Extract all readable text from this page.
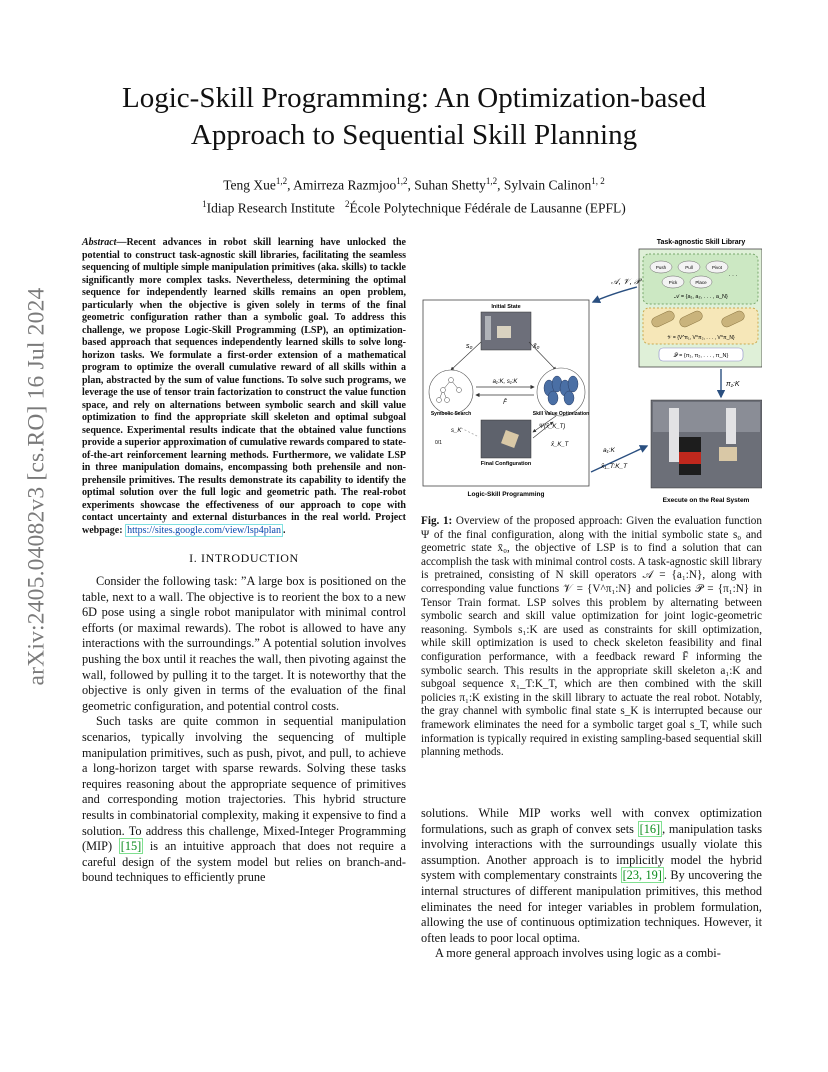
arXiv:2405.04082v3 [cs.RO] 16 Jul 2024
Logic-Skill Programming: An Optimization-based
Approach to Sequential Skill Planning
Teng Xue$^{1,2}$, Amirreza Razmjoo$^{1,2}$, Suhan Shetty$^{1,2}$, Sylvain Calinon$^{1, 2}$
$^1$Idiap Research Institute $^2$École Polytechnique Fédérale de Lausanne (EPFL)

Abstract—Recent advances in robot skill learning have unlocked the potential to construct task-agnostic skill libraries, facilitating the seamless sequencing of multiple simple manipulation primitives (aka. skills) to tackle significantly more complex tasks. Nevertheless, determining the optimal sequence for independently learned skills remains an open problem, particularly when the objective is given solely in terms of the final geometric configuration rather than a symbolic goal. To address this challenge, we propose Logic-Skill Programming (LSP), an optimization-based approach that sequences independently learned skills to solve long-horizon tasks. We formulate a first-order extension of a mathematical program to optimize the overall cumulative reward of all skills within a plan, abstracted by the sum of value functions. To solve such programs, we leverage the use of tensor train factorization to construct the value function space, and rely on alternations between symbolic search and skill value optimization to find the appropriate skill skeleton and optimal subgoal sequence. Experimental results indicate that the obtained value functions provide a superior approximation of cumulative rewards compared to state-of-the-art reinforcement learning methods. Furthermore, we validate LSP in three manipulation domains, encompassing both prehensile and non-prehensile primitives. The results demonstrate its capability to identify the optimal solution over the full logic and geometric path. The real-robot experiments showcase the effectiveness of our approach to cope with contact uncertainty and external disturbances in the real world. Project webpage: https://sites.google.com/view/lsp4plan .

I. INTRODUCTION

Consider the following task: ”A large box is positioned on the table, next to a wall. The objective is to reorient the box to a new 6D pose using a single robot manipulator with minimal control efforts (or maximal rewards). The robot is allowed to have any interactions with the surroundings.” A potential solution involves pushing the box until it reaches the wall, then pivoting against the wall, followed by pulling it to the target. It is noteworthy that the objective is only given in terms of the evaluation of the final geometric configuration, and potential control costs.

Such tasks are quite common in sequential manipulation scenarios, typically involving the sequencing of multiple manipulation primitives, such as push, pivot, and pull, to achieve a long-horizon target with sparse rewards. Solving these tasks requires reasoning about the appropriate sequence of primitives and corresponding motion trajectories. This hybrid structure results in combinatorial complexity, making it expensive to find a solution. To address this challenge, Mixed-Integer Programming (MIP) [15] is an intuitive approach that does not require a careful design of the system model but relies on branch-and-bound techniques to efficiently prune

Task-agnostic Skill Library
Push	Pull	Pivot
Pick	Place
· · ·
𝒜 = {a₁, a₂, . . . , a_N}
𝒱 = {V^π₁, V^π₂, . . . , V^π_N}
𝒫 = {π₁, π₂, . . . , π_N}
𝒜, 𝒱, 𝒫
Initial State
s₀	x̄₀
Symbolic Search	Skill Value Optimization
a₁:K, s₁:K
F̄
Final Configuration
s_K
0/1
Ψ(x̄_K_T)
x̄_K_T
Logic-Skill Programming
π₁:K
a₁:K
x̄₁_T:K_T
Execute on the Real System

Fig. 1: Overview of the proposed approach: Given the evaluation function Ψ of the final configuration, along with the initial symbolic state s₀ and geometric state x̄₀, the objective of LSP is to find a solution that can accomplish the task with minimal control costs. A task-agnostic skill library is pretrained, consisting of N skill operators 𝒜 = {a₁:N}, along with corresponding value functions 𝒱 = {V^π₁:N} and policies 𝒫 = {π₁:N} in Tensor Train format. LSP solves this problem by alternating between symbolic search and skill value optimization for joint logic-geometric reasoning. Symbols s₁:K are used as constraints for skill optimization, while skill optimization is used to check skeleton feasibility and final configuration performance, with a feedback reward F̄ informing the symbolic search. This results in the appropriate skill skeleton a₁:K and subgoal sequence x̄₁_T:K_T, which are then combined with the skill policies π₁:K existing in the skill library to actuate the real robot. Notably, the gray channel with symbolic final state s_K is interrupted because our framework eliminates the need for a symbolic target goal s_T, while such information is typically required in existing sampling-based sequential skill planning methods.

solutions. While MIP works well with convex optimization formulations, such as graph of convex sets [16] , manipulation tasks involving interactions with the surroundings usually violate this assumption. Another approach is to implicitly model the hybrid system with complementary constraints [23, 19] . By uncovering the internal structures of different manipulation primitives, this method eliminates the need for integer variables in problem formulation, allowing the use of continuous optimization techniques. However, it often leads to poor local optima.

A more general approach involves using logic as a combi-
